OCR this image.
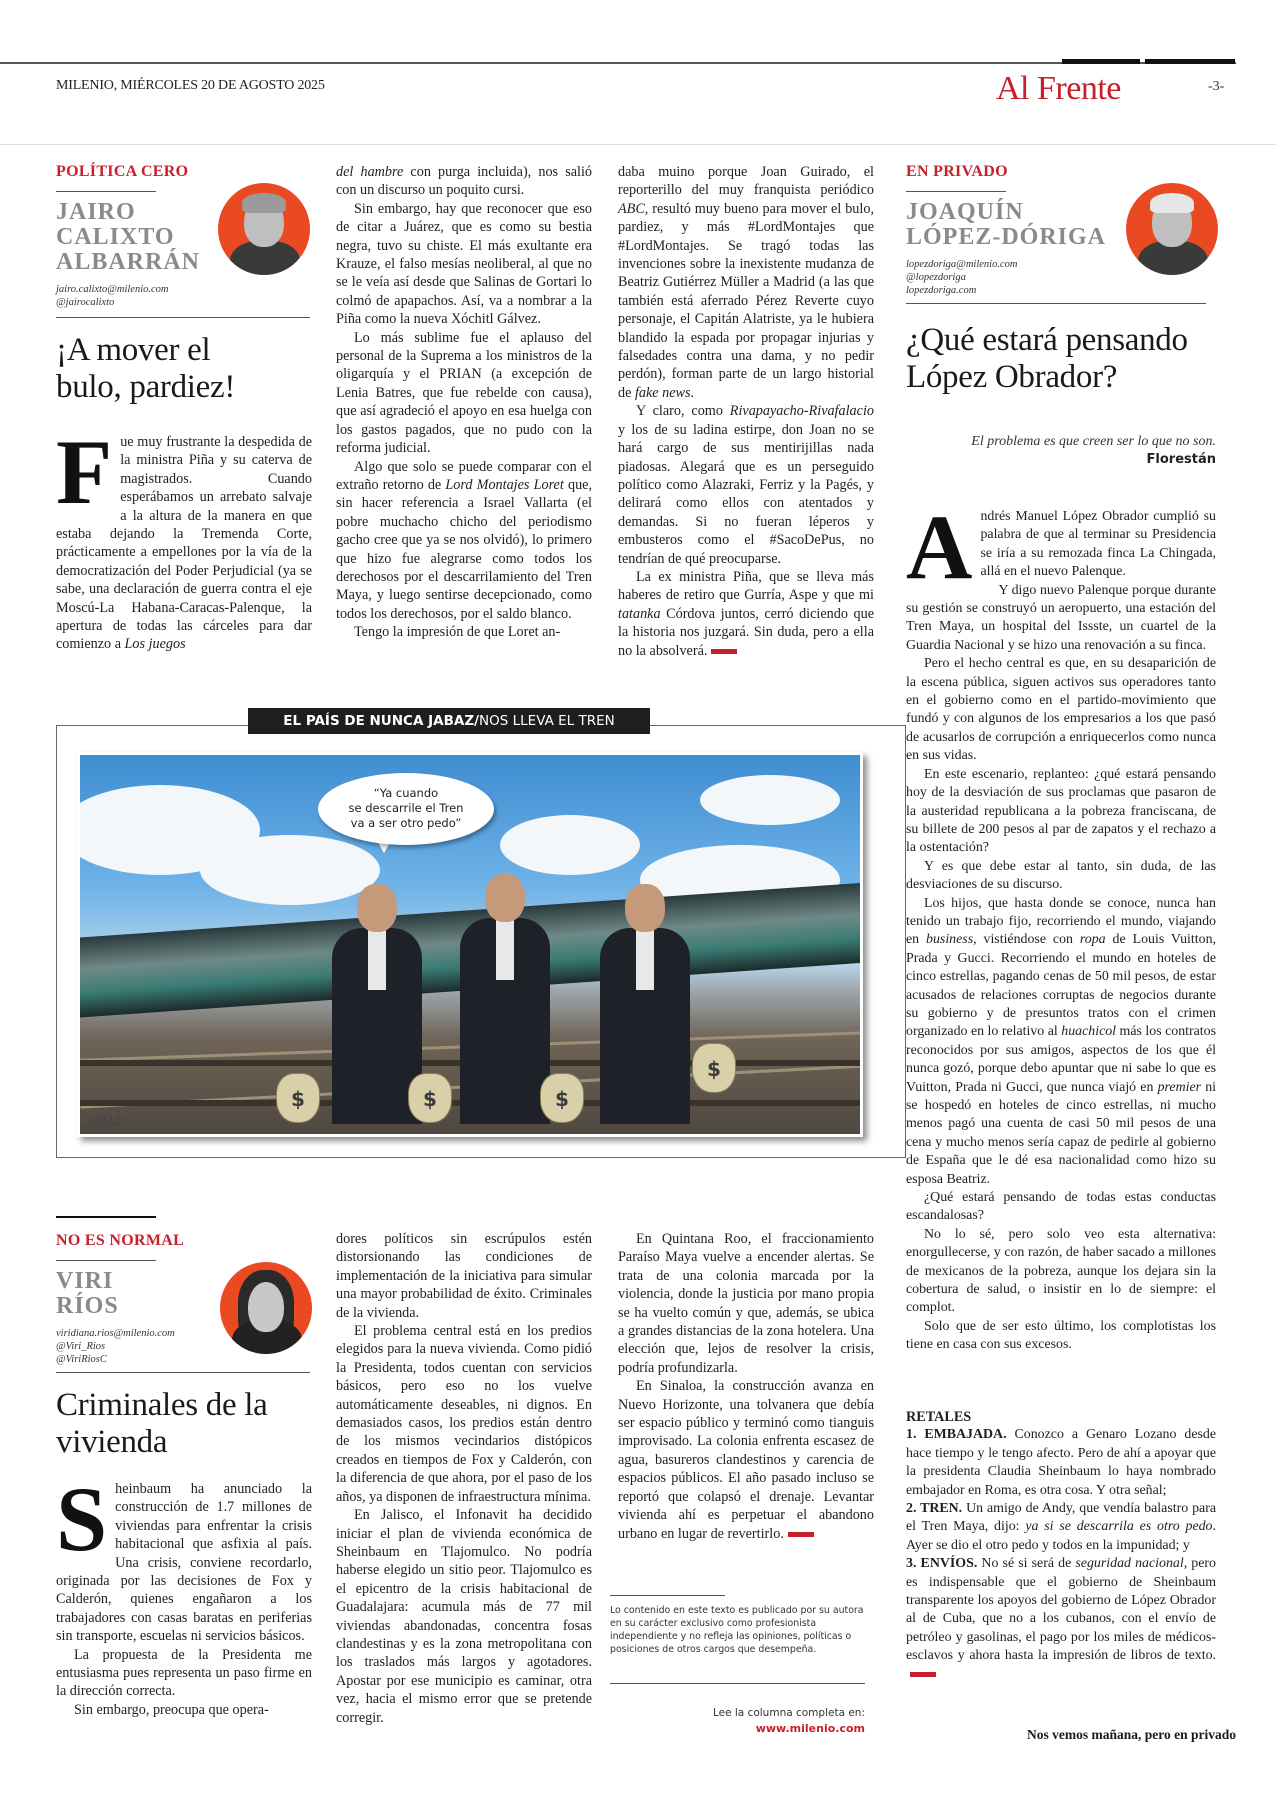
MILENIO, MIÉRCOLES 20 DE AGOSTO 2025	Al Frente	-3-
POLÍTICA CERO
JAIRO
CALIXTO
ALBARRÁN
jairo.calixto@milenio.com
@jairocalixto
¡A mover el bulo, pardiez!

Fue muy frustrante la despedida de la ministra Piña y su caterva de magistrados. Cuando esperábamos un arrebato salvaje a la altura de la manera en que estaba dejando la Tremenda Corte, prácticamente a empellones por la vía de la democratización del Poder Perjudicial (ya se sabe, una declaración de guerra contra el eje Moscú-La Habana-Caracas-Palenque, la apertura de todas las cárceles para dar comienzo a Los juegos

del hambre con purga incluida), nos salió con un discurso un poquito cursi.

Sin embargo, hay que reconocer que eso de citar a Juárez, que es como su bestia negra, tuvo su chiste. El más exultante era Krauze, el falso mesías neoliberal, al que no se le veía así desde que Salinas de Gortari lo colmó de apapachos. Así, va a nombrar a la Piña como la nueva Xóchitl Gálvez.

Lo más sublime fue el aplauso del personal de la Suprema a los ministros de la oligarquía y el PRIAN (a excepción de Lenia Batres, que fue rebelde con causa), que así agradeció el apoyo en esa huelga con los gastos pagados, que no pudo con la reforma judicial.

Algo que solo se puede comparar con el extraño retorno de Lord Montajes Loret que, sin hacer referencia a Israel Vallarta (el pobre muchacho chicho del periodismo gacho cree que ya se nos olvidó), lo primero que hizo fue alegrarse como todos los derechosos por el descarrilamiento del Tren Maya, y luego sentirse decepcionado, como todos los derechosos, por el saldo blanco.

Tengo la impresión de que Loret an-

daba muino porque Joan Guirado, el reporterillo del muy franquista periódico ABC, resultó muy bueno para mover el bulo, pardiez, y más #LordMontajes que #LordMontajes. Se tragó todas las invenciones sobre la inexistente mudanza de Beatriz Gutiérrez Müller a Madrid (a las que también está aferrado Pérez Reverte cuyo personaje, el Capitán Alatriste, ya le hubiera blandido la espada por propagar injurias y falsedades contra una dama, y no pedir perdón), forman parte de un largo historial de fake news.

Y claro, como Rivapayacho-Rivafalacio y los de su ladina estirpe, don Joan no se hará cargo de sus mentirijillas nada piadosas. Alegará que es un perseguido político como Alazraki, Ferriz y la Pagés, y delirará como ellos con atentados y demandas. Si no fueran léperos y embusteros como el #SacoDePus, no tendrían de qué preocuparse.

La ex ministra Piña, que se lleva más haberes de retiro que Gurría, Aspe y que mi tatanka Córdova juntos, cerró diciendo que la historia nos juzgará. Sin duda, pero a ella no la absolverá.

EL PAÍS DE NUNCA JABAZ/NOS LLEVA EL TREN
$	$	$
$
“Ya cuando
se descarrile el Tren
va a ser otro pedo”
JABAZ
EN PRIVADO
JOAQUÍN
LÓPEZ-DÓRIGA
lopezdoriga@milenio.com
@lopezdoriga
lopezdoriga.com
¿Qué estará pensando López Obrador?
El problema es que creen ser lo que no son.
Florestán

Andrés Manuel López Obrador cumplió su palabra de que al terminar su Presidencia se iría a su remozada finca La Chingada, allá en el nuevo Palenque.

Y digo nuevo Palenque porque durante su gestión se construyó un aeropuerto, una estación del Tren Maya, un hospital del Issste, un cuartel de la Guardia Nacional y se hizo una renovación a su finca.

Pero el hecho central es que, en su desaparición de la escena pública, siguen activos sus operadores tanto en el gobierno como en el partido-movimiento que fundó y con algunos de los empresarios a los que pasó de acusarlos de corrupción a enriquecerlos como nunca en sus vidas.

En este escenario, replanteo: ¿qué estará pensando hoy de la desviación de sus proclamas que pasaron de la austeridad republicana a la pobreza franciscana, de su billete de 200 pesos al par de zapatos y el rechazo a la ostentación?

Y es que debe estar al tanto, sin duda, de las desviaciones de su discurso.

Los hijos, que hasta donde se conoce, nunca han tenido un trabajo fijo, recorriendo el mundo, viajando en business, vistiéndose con ropa de Louis Vuitton, Prada y Gucci. Recorriendo el mundo en hoteles de cinco estrellas, pagando cenas de 50 mil pesos, de estar acusados de relaciones corruptas de negocios durante su gobierno y de presuntos tratos con el crimen organizado en lo relativo al huachicol más los contratos reconocidos por sus amigos, aspectos de los que él nunca gozó, porque debo apuntar que ni sabe lo que es Vuitton, Prada ni Gucci, que nunca viajó en premier ni se hospedó en hoteles de cinco estrellas, ni mucho menos pagó una cuenta de casi 50 mil pesos de una cena y mucho menos sería capaz de pedirle al gobierno de España que le dé esa nacionalidad como hizo su esposa Beatriz.

¿Qué estará pensando de todas estas conductas escandalosas?

No lo sé, pero solo veo esta alternativa: enorgullecerse, y con razón, de haber sacado a millones de mexicanos de la pobreza, aunque los dejara sin la cobertura de salud, o insistir en lo de siempre: el complot.

Solo que de ser esto último, los complotistas los tiene en casa con sus excesos.

RETALES

1. EMBAJADA. Conozco a Genaro Lozano desde hace tiempo y le tengo afecto. Pero de ahí a apoyar que la presidenta Claudia Sheinbaum lo haya nombrado embajador en Roma, es otra cosa. Y otra señal;

2. TREN. Un amigo de Andy, que vendía balastro para el Tren Maya, dijo: ya si se descarrila es otro pedo. Ayer se dio el otro pedo y todos en la impunidad; y

3. ENVÍOS. No sé si será de seguridad nacional, pero es indispensable que el gobierno de Sheinbaum transparente los apoyos del gobierno de López Obrador al de Cuba, que no a los cubanos, con el envío de petróleo y gasolinas, el pago por los miles de médicos-esclavos y ahora hasta la impresión de libros de texto.

Nos vemos mañana, pero en privado
NO ES NORMAL
VIRI
RÍOS
viridiana.rios@milenio.com
@Viri_Rios
@ViriRiosC
Criminales de la vivienda

Sheinbaum ha anunciado la construcción de 1.7 millones de viviendas para enfrentar la crisis habitacional que asfixia al país. Una crisis, conviene recordarlo, originada por las decisiones de Fox y Calderón, quienes engañaron a los trabajadores con casas baratas en periferias sin transporte, escuelas ni servicios básicos.

La propuesta de la Presidenta me entusiasma pues representa un paso firme en la dirección correcta.

Sin embargo, preocupa que opera-

dores políticos sin escrúpulos estén distorsionando las condiciones de implementación de la iniciativa para simular una mayor probabilidad de éxito. Criminales de la vivienda.

El problema central está en los predios elegidos para la nueva vivienda. Como pidió la Presidenta, todos cuentan con servicios básicos, pero eso no los vuelve automáticamente deseables, ni dignos. En demasiados casos, los predios están dentro de los mismos vecindarios distópicos creados en tiempos de Fox y Calderón, con la diferencia de que ahora, por el paso de los años, ya disponen de infraestructura mínima.

En Jalisco, el Infonavit ha decidido iniciar el plan de vivienda económica de Sheinbaum en Tlajomulco. No podría haberse elegido un sitio peor. Tlajomulco es el epicentro de la crisis habitacional de Guadalajara: acumula más de 77 mil viviendas abandonadas, concentra fosas clandestinas y es la zona metropolitana con los traslados más largos y agotadores. Apostar por ese municipio es caminar, otra vez, hacia el mismo error que se pretende corregir.

En Quintana Roo, el fraccionamiento Paraíso Maya vuelve a encender alertas. Se trata de una colonia marcada por la violencia, donde la justicia por mano propia se ha vuelto común y que, además, se ubica a grandes distancias de la zona hotelera. Una elección que, lejos de resolver la crisis, podría profundizarla.

En Sinaloa, la construcción avanza en Nuevo Horizonte, una tolvanera que debía ser espacio público y terminó como tianguis improvisado. La colonia enfrenta escasez de agua, basureros clandestinos y carencia de espacios públicos. El año pasado incluso se reportó que colapsó el drenaje. Levantar vivienda ahí es perpetuar el abandono urbano en lugar de revertirlo.

Lo contenido en este texto es publicado por su autora en su carácter exclusivo como profesionista independiente y no refleja las opiniones, políticas o posiciones de otros cargos que desempeña.
Lee la columna completa en:
www.milenio.com
